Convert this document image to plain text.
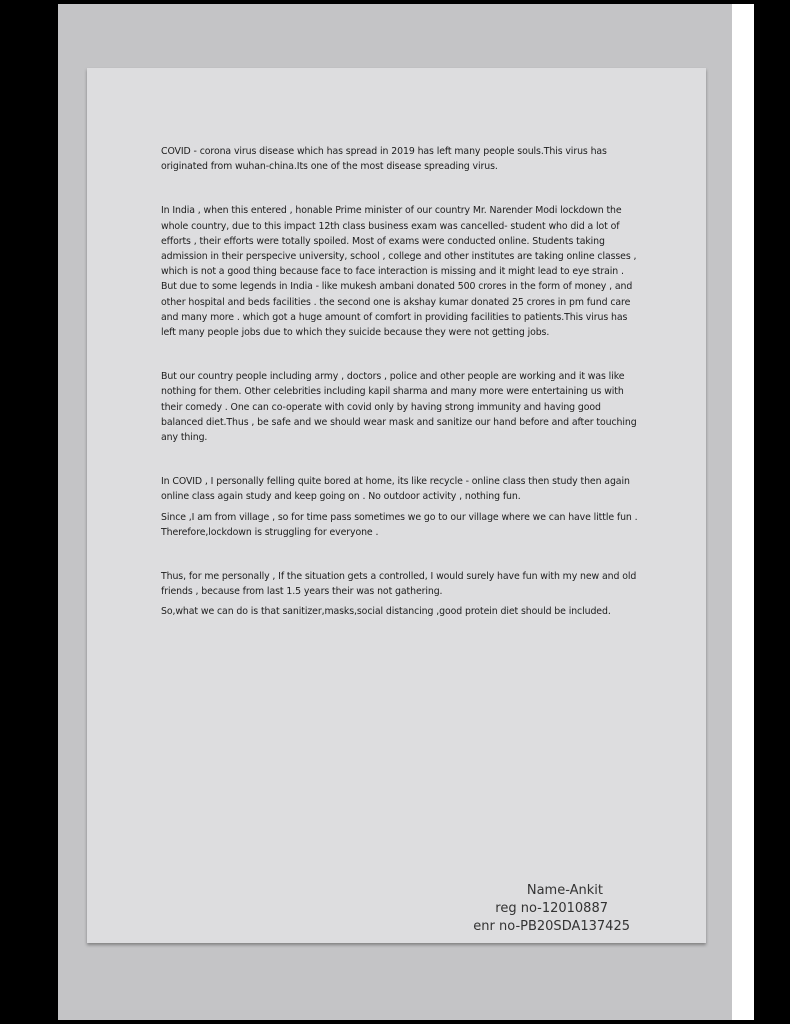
COVID - corona virus disease which has spread in 2019 has left many people souls.This virus has originated from wuhan-china.Its one of the most disease spreading virus.

In India , when this entered , honable Prime minister of our country Mr. Narender Modi lockdown the whole country, due to this impact 12th class business exam was cancelled- student who did a lot of efforts , their efforts were totally spoiled. Most of exams were conducted online. Students taking admission in their perspecive university, school , college and other institutes are taking online classes , which is not a good thing because face to face interaction is missing and it might lead to eye strain . But due to some legends in India - like mukesh ambani donated 500 crores in the form of money , and other hospital and beds facilities . the second one is akshay kumar donated 25 crores in pm fund care and many more . which got a huge amount of comfort in providing facilities to patients.This virus has left many people jobs due to which they suicide because they were not getting jobs.

But our country people including army , doctors , police and other people are working and it was like nothing for them. Other celebrities including kapil sharma and many more were entertaining us with their comedy . One can co-operate with covid only by having strong immunity and having good balanced diet.Thus , be safe and we should wear mask and sanitize our hand before and after touching any thing.

In COVID , I personally felling quite bored at home, its like recycle - online class then study then again online class again study and keep going on . No outdoor activity , nothing fun.

Since ,I am from village , so for time pass sometimes we go to our village where we can have little fun . Therefore,lockdown is struggling for everyone .

Thus, for me personally , If the situation gets a controlled, I would surely have fun with my new and old friends , because from last 1.5 years their was not gathering.

So,what we can do is that sanitizer,masks,social distancing ,good protein diet should be included.

Name-Ankit
reg no-12010887
enr no-PB20SDA137425
